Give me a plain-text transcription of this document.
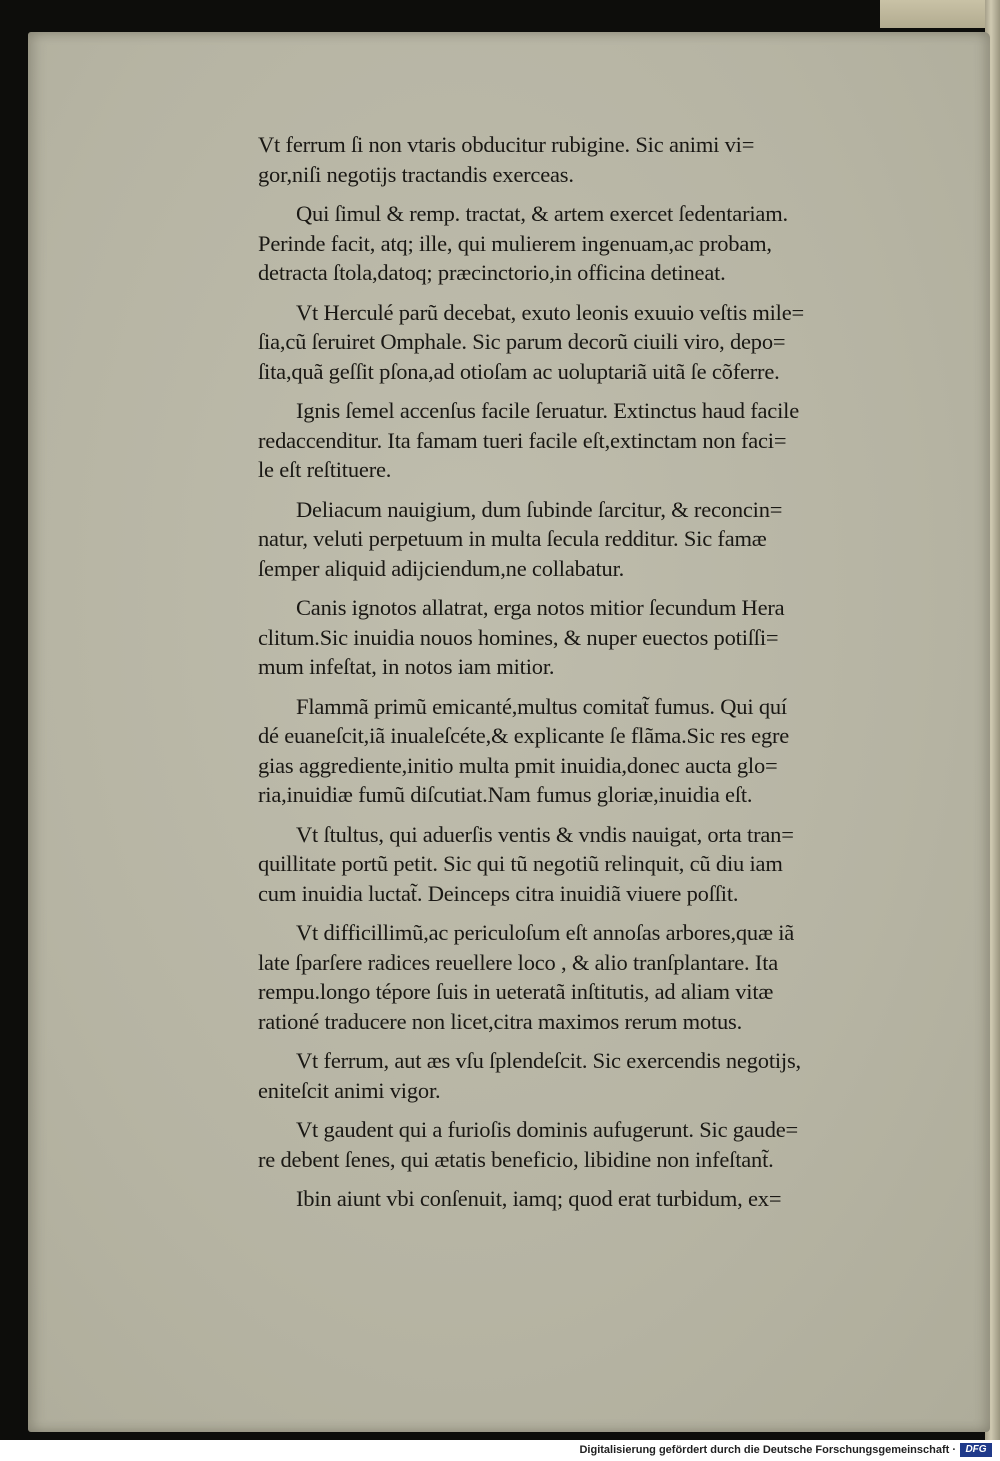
Vt ferrum ſi non vtaris obducitur rubigine. Sic animi vi=
gor,niſi negotijs tractandis exerceas.
Qui ſimul & remp. tractat, & artem exercet ſedentariam.
Perinde facit, atq; ille, qui mulierem ingenuam,ac probam,
detracta ſtola,datoq; præcinctorio,in officina detineat.
Vt Herculé parũ decebat, exuto leonis exuuio veſtis mile=
ſia,cũ ſeruiret Omphale. Sic parum decorũ ciuili viro, depo=
ſita,quã geſſit pſona,ad otioſam ac uoluptariã uitã ſe cõferre.
Ignis ſemel accenſus facile ſeruatur. Extinctus haud facile
redaccenditur. Ita famam tueri facile eſt,extinctam non faci=
le eſt reſtituere.
Deliacum nauigium, dum ſubinde ſarcitur, & reconcin=
natur, veluti perpetuum in multa ſecula redditur. Sic famæ
ſemper aliquid adijciendum,ne collabatur.
Canis ignotos allatrat, erga notos mitior ſecundum Hera
clitum.Sic inuidia nouos homines, & nuper euectos potiſſi=
mum infeſtat, in notos iam mitior.
Flammã primũ emicanté,multus comitat̃ fumus. Qui quí
dé euaneſcit,iã inualeſcéte,& explicante ſe flãma.Sic res egre
gias aggrediente,initio multa pmit inuidia,donec aucta glo=
ria,inuidiæ fumũ diſcutiat.Nam fumus gloriæ,inuidia eſt.
Vt ſtultus, qui aduerſis ventis & vndis nauigat, orta tran=
quillitate portũ petit. Sic qui tũ negotiũ relinquit, cũ diu iam
cum inuidia luctat̃. Deinceps citra inuidiã viuere poſſit.
Vt difficillimũ,ac periculoſum eſt annoſas arbores,quæ iã
late ſparſere radices reuellere loco , & alio tranſplantare. Ita
rempu.longo tépore ſuis in ueteratã inſtitutis, ad aliam vitæ
rationé traducere non licet,citra maximos rerum motus.
Vt ferrum, aut æs vſu ſplendeſcit. Sic exercendis negotijs,
eniteſcit animi vigor.
Vt gaudent qui a furioſis dominis aufugerunt. Sic gaude=
re debent ſenes, qui ætatis beneficio, libidine non infeſtant̃.
Ibin aiunt vbi conſenuit, iamq; quod erat turbidum, ex=
Digitalisierung gefördert durch die Deutsche Forschungsgemeinschaft · DFG
